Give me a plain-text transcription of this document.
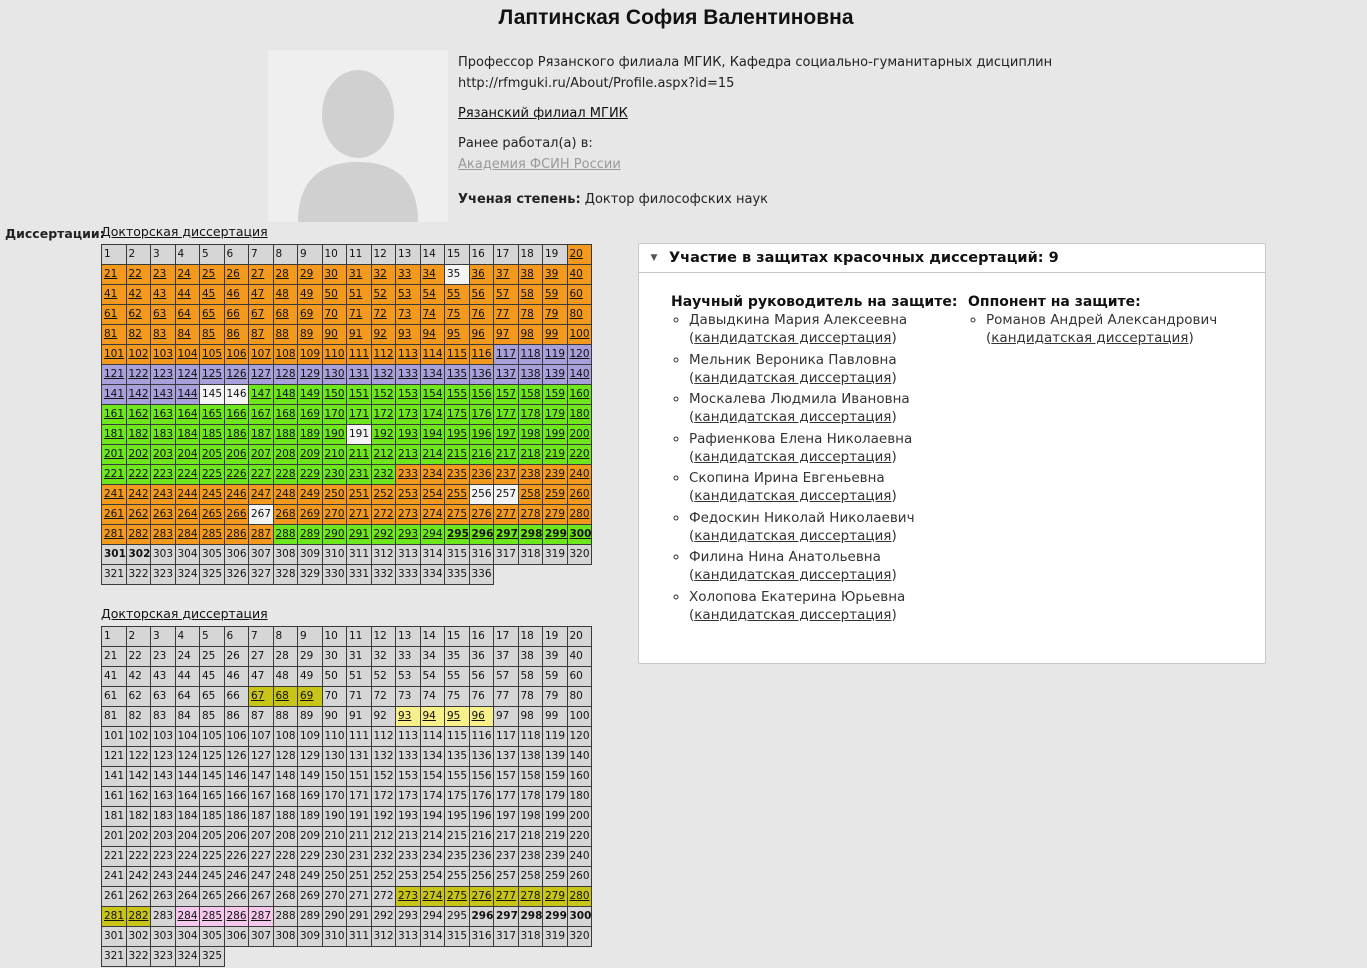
Лаптинская София Валентиновна

Профессор Рязанского филиала МГИК, Кафедра социально-гуманитарных дисциплин

http://rfmguki.ru/About/Profile.aspx?id=15

Рязанский филиал МГИК

Ранее работал(а) в:

Академия ФСИН России

Ученая степень: Доктор философских наук

Диссертации:
Докторская диссертация
1	2	3	4	5	6	7	8	9	10	11	12	13	14	15	16	17	18	19	20
21	22	23	24	25	26	27	28	29	30	31	32	33	34	35	36	37	38	39	40
41	42	43	44	45	46	47	48	49	50	51	52	53	54	55	56	57	58	59	60
61	62	63	64	65	66	67	68	69	70	71	72	73	74	75	76	77	78	79	80
81	82	83	84	85	86	87	88	89	90	91	92	93	94	95	96	97	98	99	100
101 102 103 104 105 106 107 108 109 110 111 112 113 114 115 116 117 118 119 120
121 122 123 124 125 126 127 128 129 130 131 132 133 134 135 136 137 138 139 140
141 142 143 144 145 146 147 148 149 150 151 152 153 154 155 156 157 158 159 160
161 162 163 164 165 166 167 168 169 170 171 172 173 174 175 176 177 178 179 180
181 182 183 184 185 186 187 188 189 190 191 192 193 194 195 196 197 198 199 200
201 202 203 204 205 206 207 208 209 210 211 212 213 214 215 216 217 218 219 220
221 222 223 224 225 226 227 228 229 230 231 232 233 234 235 236 237 238 239 240
241 242 243 244 245 246 247 248 249 250 251 252 253 254 255 256 257 258 259 260
261 262 263 264 265 266 267 268 269 270 271 272 273 274 275 276 277 278 279 280
281 282 283 284 285 286 287 288 289 290 291 292 293 294 295 296 297 298 299 300
301 302 303 304 305 306 307 308 309 310 311 312 313 314 315 316 317 318 319 320
321 322 323 324 325 326 327 328 329 330 331 332 333 334 335 336
Докторская диссертация
1	2	3	4	5	6	7	8	9	10	11	12	13	14	15	16	17	18	19	20
21	22	23	24	25	26	27	28	29	30	31	32	33	34	35	36	37	38	39	40
41	42	43	44	45	46	47	48	49	50	51	52	53	54	55	56	57	58	59	60
61	62	63	64	65	66	67	68	69	70	71	72	73	74	75	76	77	78	79	80
81	82	83	84	85	86	87	88	89	90	91	92	93	94	95	96	97	98	99	100
101 102 103 104 105 106 107 108 109 110 111 112 113 114 115 116 117 118 119 120
121 122 123 124 125 126 127 128 129 130 131 132 133 134 135 136 137 138 139 140
141 142 143 144 145 146 147 148 149 150 151 152 153 154 155 156 157 158 159 160
161 162 163 164 165 166 167 168 169 170 171 172 173 174 175 176 177 178 179 180
181 182 183 184 185 186 187 188 189 190 191 192 193 194 195 196 197 198 199 200
201 202 203 204 205 206 207 208 209 210 211 212 213 214 215 216 217 218 219 220
221 222 223 224 225 226 227 228 229 230 231 232 233 234 235 236 237 238 239 240
241 242 243 244 245 246 247 248 249 250 251 252 253 254 255 256 257 258 259 260
261 262 263 264 265 266 267 268 269 270 271 272 273 274 275 276 277 278 279 280
281 282 283 284 285 286 287 288 289 290 291 292 293 294 295 296 297 298 299 300
301 302 303 304 305 306 307 308 309 310 311 312 313 314 315 316 317 318 319 320
321 322 323 324 325
▼ Участие в защитах красочных диссертаций: 9
Научный руководитель на защите:
◦ Давыдкина Мария Алексеевна
(кандидатская диссертация)
◦ Мельник Вероника Павловна
(кандидатская диссертация)
◦ Москалева Людмила Ивановна
(кандидатская диссертация)
◦ Рафиенкова Елена Николаевна
(кандидатская диссертация)
◦ Скопина Ирина Евгеньевна
(кандидатская диссертация)
◦ Федоскин Николай Николаевич
(кандидатская диссертация)
◦ Филина Нина Анатольевна
(кандидатская диссертация)
◦ Холопова Екатерина Юрьевна
(кандидатская диссертация)
Оппонент на защите:
◦ Романов Андрей Александрович
(кандидатская диссертация)
